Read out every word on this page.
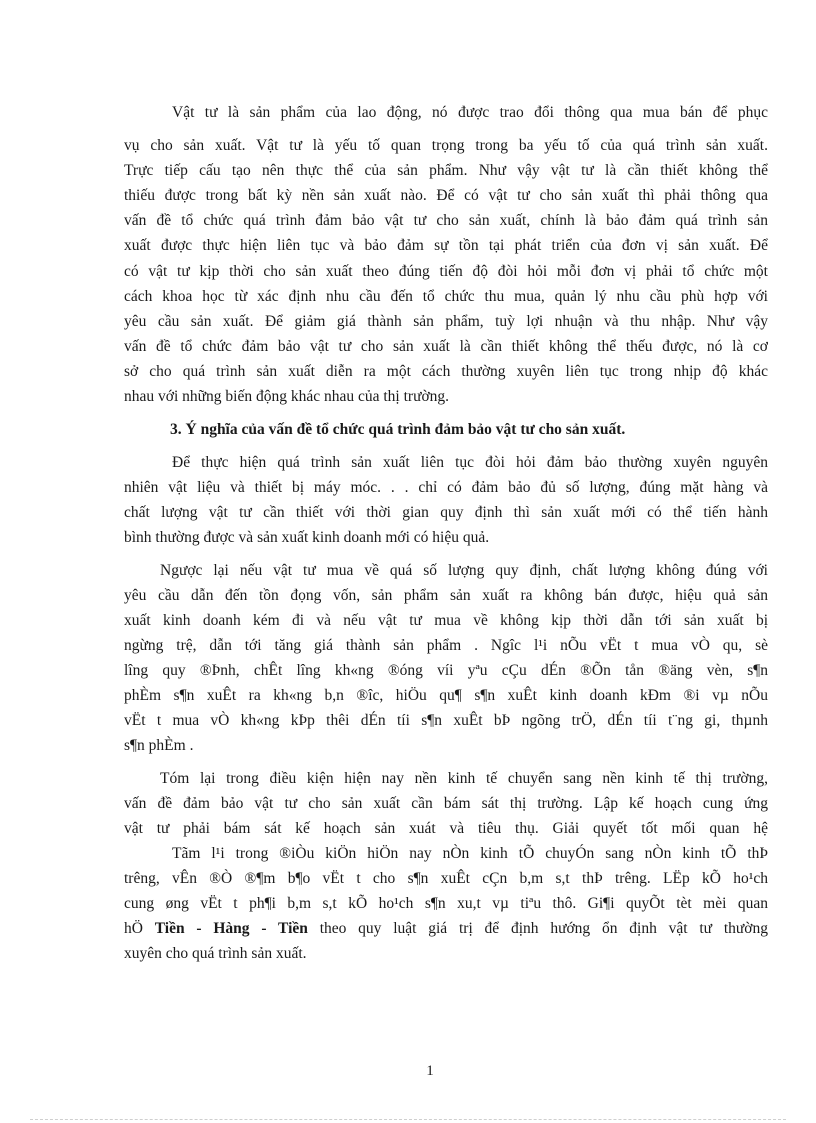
Vật tư là sản phẩm của lao động, nó được trao đổi thông qua mua bán để phục
vụ cho sản xuất. Vật tư là yếu tố quan trọng trong ba yếu tố của quá trình sản xuất.
Trực tiếp cấu tạo nên thực thể của sản phẩm. Như vậy vật tư là cần thiết không thể
thiếu được trong bất kỳ nền sản xuất nào. Để có vật tư cho sản xuất thì phải thông qua
vấn đề tổ chức quá trình đảm bảo vật tư cho sản xuất, chính là bảo đảm quá trình sản
xuất được thực hiện liên tục và bảo đảm sự tồn tại phát triển của đơn vị sản xuất. Để
có vật tư kịp thời cho sản xuất theo đúng tiến độ đòi hỏi mỗi đơn vị phải tổ chức một
cách khoa học từ xác định nhu cầu đến tổ chức thu mua, quản lý nhu cầu phù hợp với
yêu cầu sản xuất. Để giảm giá thành sản phẩm, tuỳ lợi nhuận và thu nhập. Như vậy
vấn đề tổ chức đảm bảo vật tư cho sản xuất là cần thiết không thể thếu được, nó là cơ
sở cho quá trình sản xuất diễn ra một cách thường xuyên liên tục trong nhịp độ khác
nhau với những biến động khác nhau của thị trường.
3. Ý nghĩa của vấn đề tổ chức quá trình đảm bảo vật tư cho sản xuất.
Để thực hiện quá trình sản xuất liên tục đòi hỏi đảm bảo thường xuyên nguyên
nhiên vật liệu và thiết bị máy móc. . . chỉ có đảm bảo đủ số lượng, đúng mặt hàng và
chất lượng vật tư cần thiết với thời gian quy định thì sản xuất mới có thể tiến hành
bình thường được và sản xuất kinh doanh mới có hiệu quả.
Ngược lại nếu vật tư mua về quá số lượng quy định, chất lượng không đúng với
yêu cầu dẫn đến tồn đọng vốn, sản phẩm sản xuất ra không bán được, hiệu quả sản
xuất kinh doanh kém đi và nếu vật tư mua về không kịp thời dẫn tới sản xuất bị
ngừng trệ, dẫn tới tăng giá thành sản phẩm . Ngîc l¹i nÕu vËt t mua vÒ qu, sè
lîng quy ®Þnh, chÊt lîng kh«ng ®óng víi yªu cÇu dÉn ®Õn tån ®äng vèn, s¶n
phÈm s¶n xuÊt ra kh«ng b,n ®îc, hiÖu qu¶ s¶n xuÊt kinh doanh kÐm ®i vµ nÕu
vËt t mua vÒ kh«ng kÞp thêi dÉn tíi s¶n xuÊt bÞ ngõng trÖ, dÉn tíi t¨ng gi, thµnh
s¶n phÈm .
Tóm lại trong điều kiện hiện nay nền kinh tế chuyển sang nền kinh tế thị trường,
vấn đề đảm bảo vật tư cho sản xuất cần bám sát thị trường. Lập kế hoạch cung ứng
vật tư phải bám sát kế hoạch sản xuát và tiêu thụ. Giải quyết tốt mối quan hệ
Tãm l¹i trong ®iÒu kiÖn hiÖn nay nÒn kinh tÕ chuyÓn sang nÒn kinh tÕ thÞ
trêng, vÊn ®Ò ®¶m b¶o vËt t cho s¶n xuÊt cÇn b,m s,t thÞ trêng. LËp kÕ ho¹ch
cung øng vËt t ph¶i b,m s,t kÕ ho¹ch s¶n xu,t vµ tiªu thô. Gi¶i quyÕt tèt mèi quan
hÖ Tiền - Hàng - Tiền theo quy luật giá trị để định hướng ổn định vật tư thường
xuyên cho quá trình sản xuất.
1
